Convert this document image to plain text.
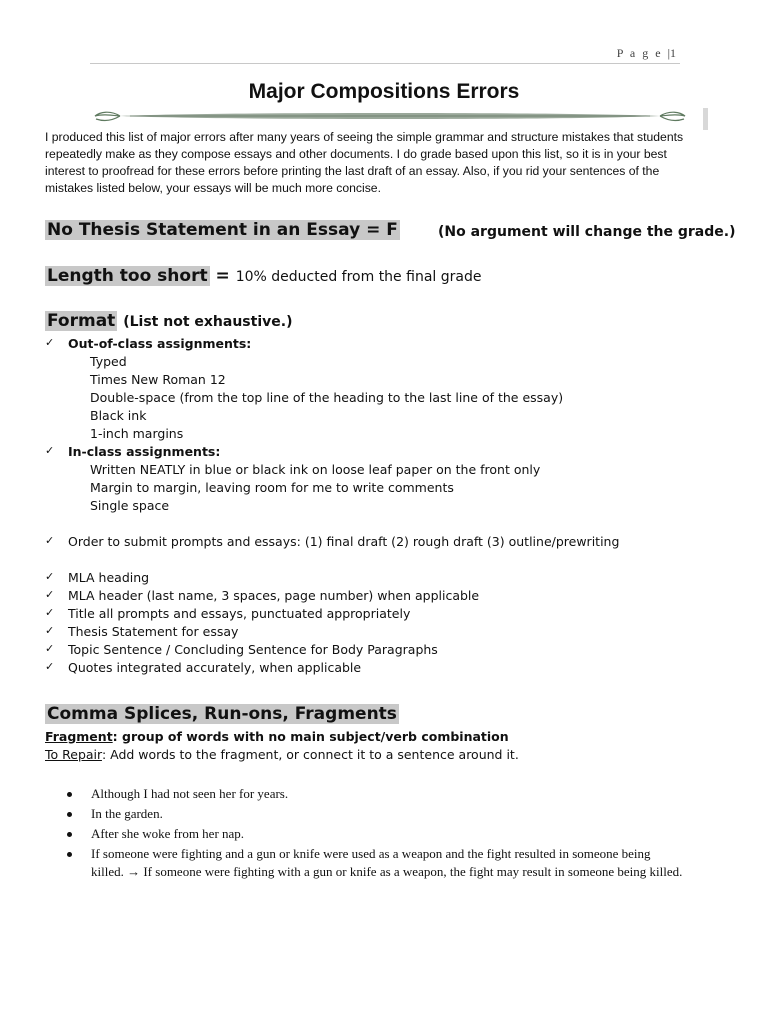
P a g e |1
Major Compositions Errors
I produced this list of major errors after many years of seeing the simple grammar and structure mistakes that students
repeatedly make as they compose essays and other documents. I do grade based upon this list, so it is in your best
interest to proofread for these errors before printing the last draft of an essay. Also, if you rid your sentences of the
mistakes listed below, your essays will be much more concise.
No Thesis Statement in an Essay = F	(No argument will change the grade.)
Length too short = 10% deducted from the final grade
Format (List not exhaustive.)
✓ Out-of-class assignments:
Typed
Times New Roman 12
Double-space (from the top line of the heading to the last line of the essay)
Black ink
1-inch margins
✓ In-class assignments:
Written NEATLY in blue or black ink on loose leaf paper on the front only
Margin to margin, leaving room for me to write comments
Single space
✓ Order to submit prompts and essays: (1) final draft (2) rough draft (3) outline/prewriting
✓ MLA heading
✓ MLA header (last name, 3 spaces, page number) when applicable
✓ Title all prompts and essays, punctuated appropriately
✓ Thesis Statement for essay
✓ Topic Sentence / Concluding Sentence for Body Paragraphs
✓ Quotes integrated accurately, when applicable
Comma Splices, Run-ons, Fragments
Fragment: group of words with no main subject/verb combination
To Repair: Add words to the fragment, or connect it to a sentence around it.
Although I had not seen her for years.
In the garden.
After she woke from her nap.
If someone were fighting and a gun or knife were used as a weapon and the fight resulted in someone being
killed. → If someone were fighting with a gun or knife as a weapon, the fight may result in someone being killed.
